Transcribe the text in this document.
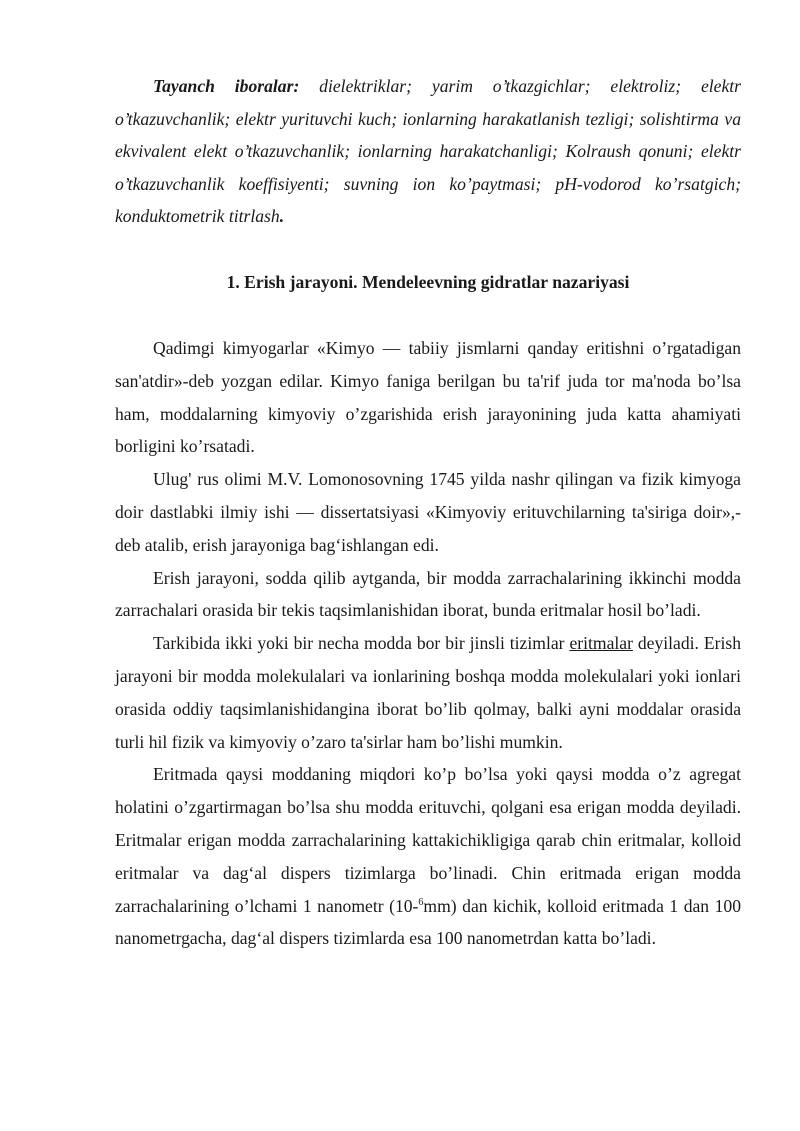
Tayanch iboralar: dielektriklar; yarim o’tkazgichlar; elektroliz; elektr o’tkazuvchanlik; elektr yurituvchi kuch; ionlarning harakatlanish tezligi; solishtirma va ekvivalent elekt o’tkazuvchanlik; ionlarning harakatchanligi; Kolraush qonuni; elektr o’tkazuvchanlik koeffisiyenti; suvning ion ko’paytmasi; pH-vodorod ko’rsatgich; konduktometrik titrlash.

1. Erish jarayoni. Mendeleevning gidratlar nazariyasi

Qadimgi kimyogarlar «Kimyo — tabiiy jismlarni qanday eritishni o’rgatadigan san'atdir»-deb yozgan edilar. Kimyo faniga berilgan bu ta'rif juda tor ma'noda bo’lsa ham, moddalarning kimyoviy o’zgarishida erish jarayonining juda katta ahamiyati borligini ko’rsatadi.

Ulug' rus olimi M.V. Lomonosovning 1745 yilda nashr qilingan va fizik kimyoga doir dastlabki ilmiy ishi — dissertatsiyasi «Kimyoviy erituvchilarning ta'siriga doir»,-deb atalib, erish jarayoniga bag‘ishlangan edi.

Erish jarayoni, sodda qilib aytganda, bir modda zarrachalarining ikkinchi modda zarrachalari orasida bir tekis taqsimlanishidan iborat, bunda eritmalar hosil bo’ladi.

Tarkibida ikki yoki bir necha modda bor bir jinsli tizimlar eritmalar deyiladi. Erish jarayoni bir modda molekulalari va ionlarining boshqa modda molekulalari yoki ionlari orasida oddiy taqsimlanishidangina iborat bo’lib qolmay, balki ayni moddalar orasida turli hil fizik va kimyoviy o’zaro ta'sirlar ham bo’lishi mumkin.

Eritmada qaysi moddaning miqdori ko’p bo’lsa yoki qaysi modda o’z agregat holatini o’zgartirmagan bo’lsa shu modda erituvchi, qolgani esa erigan modda deyiladi. Eritmalar erigan modda zarrachalarining kattakichikligiga qarab chin eritmalar, kolloid eritmalar va dag‘al dispers tizimlarga bo’linadi. Chin eritmada erigan modda zarrachalarining o’lchami 1 nanometr (10-$^6$mm) dan kichik, kolloid eritmada 1 dan 100 nanometrgacha, dag‘al dispers tizimlarda esa 100 nanometrdan katta bo’ladi.
